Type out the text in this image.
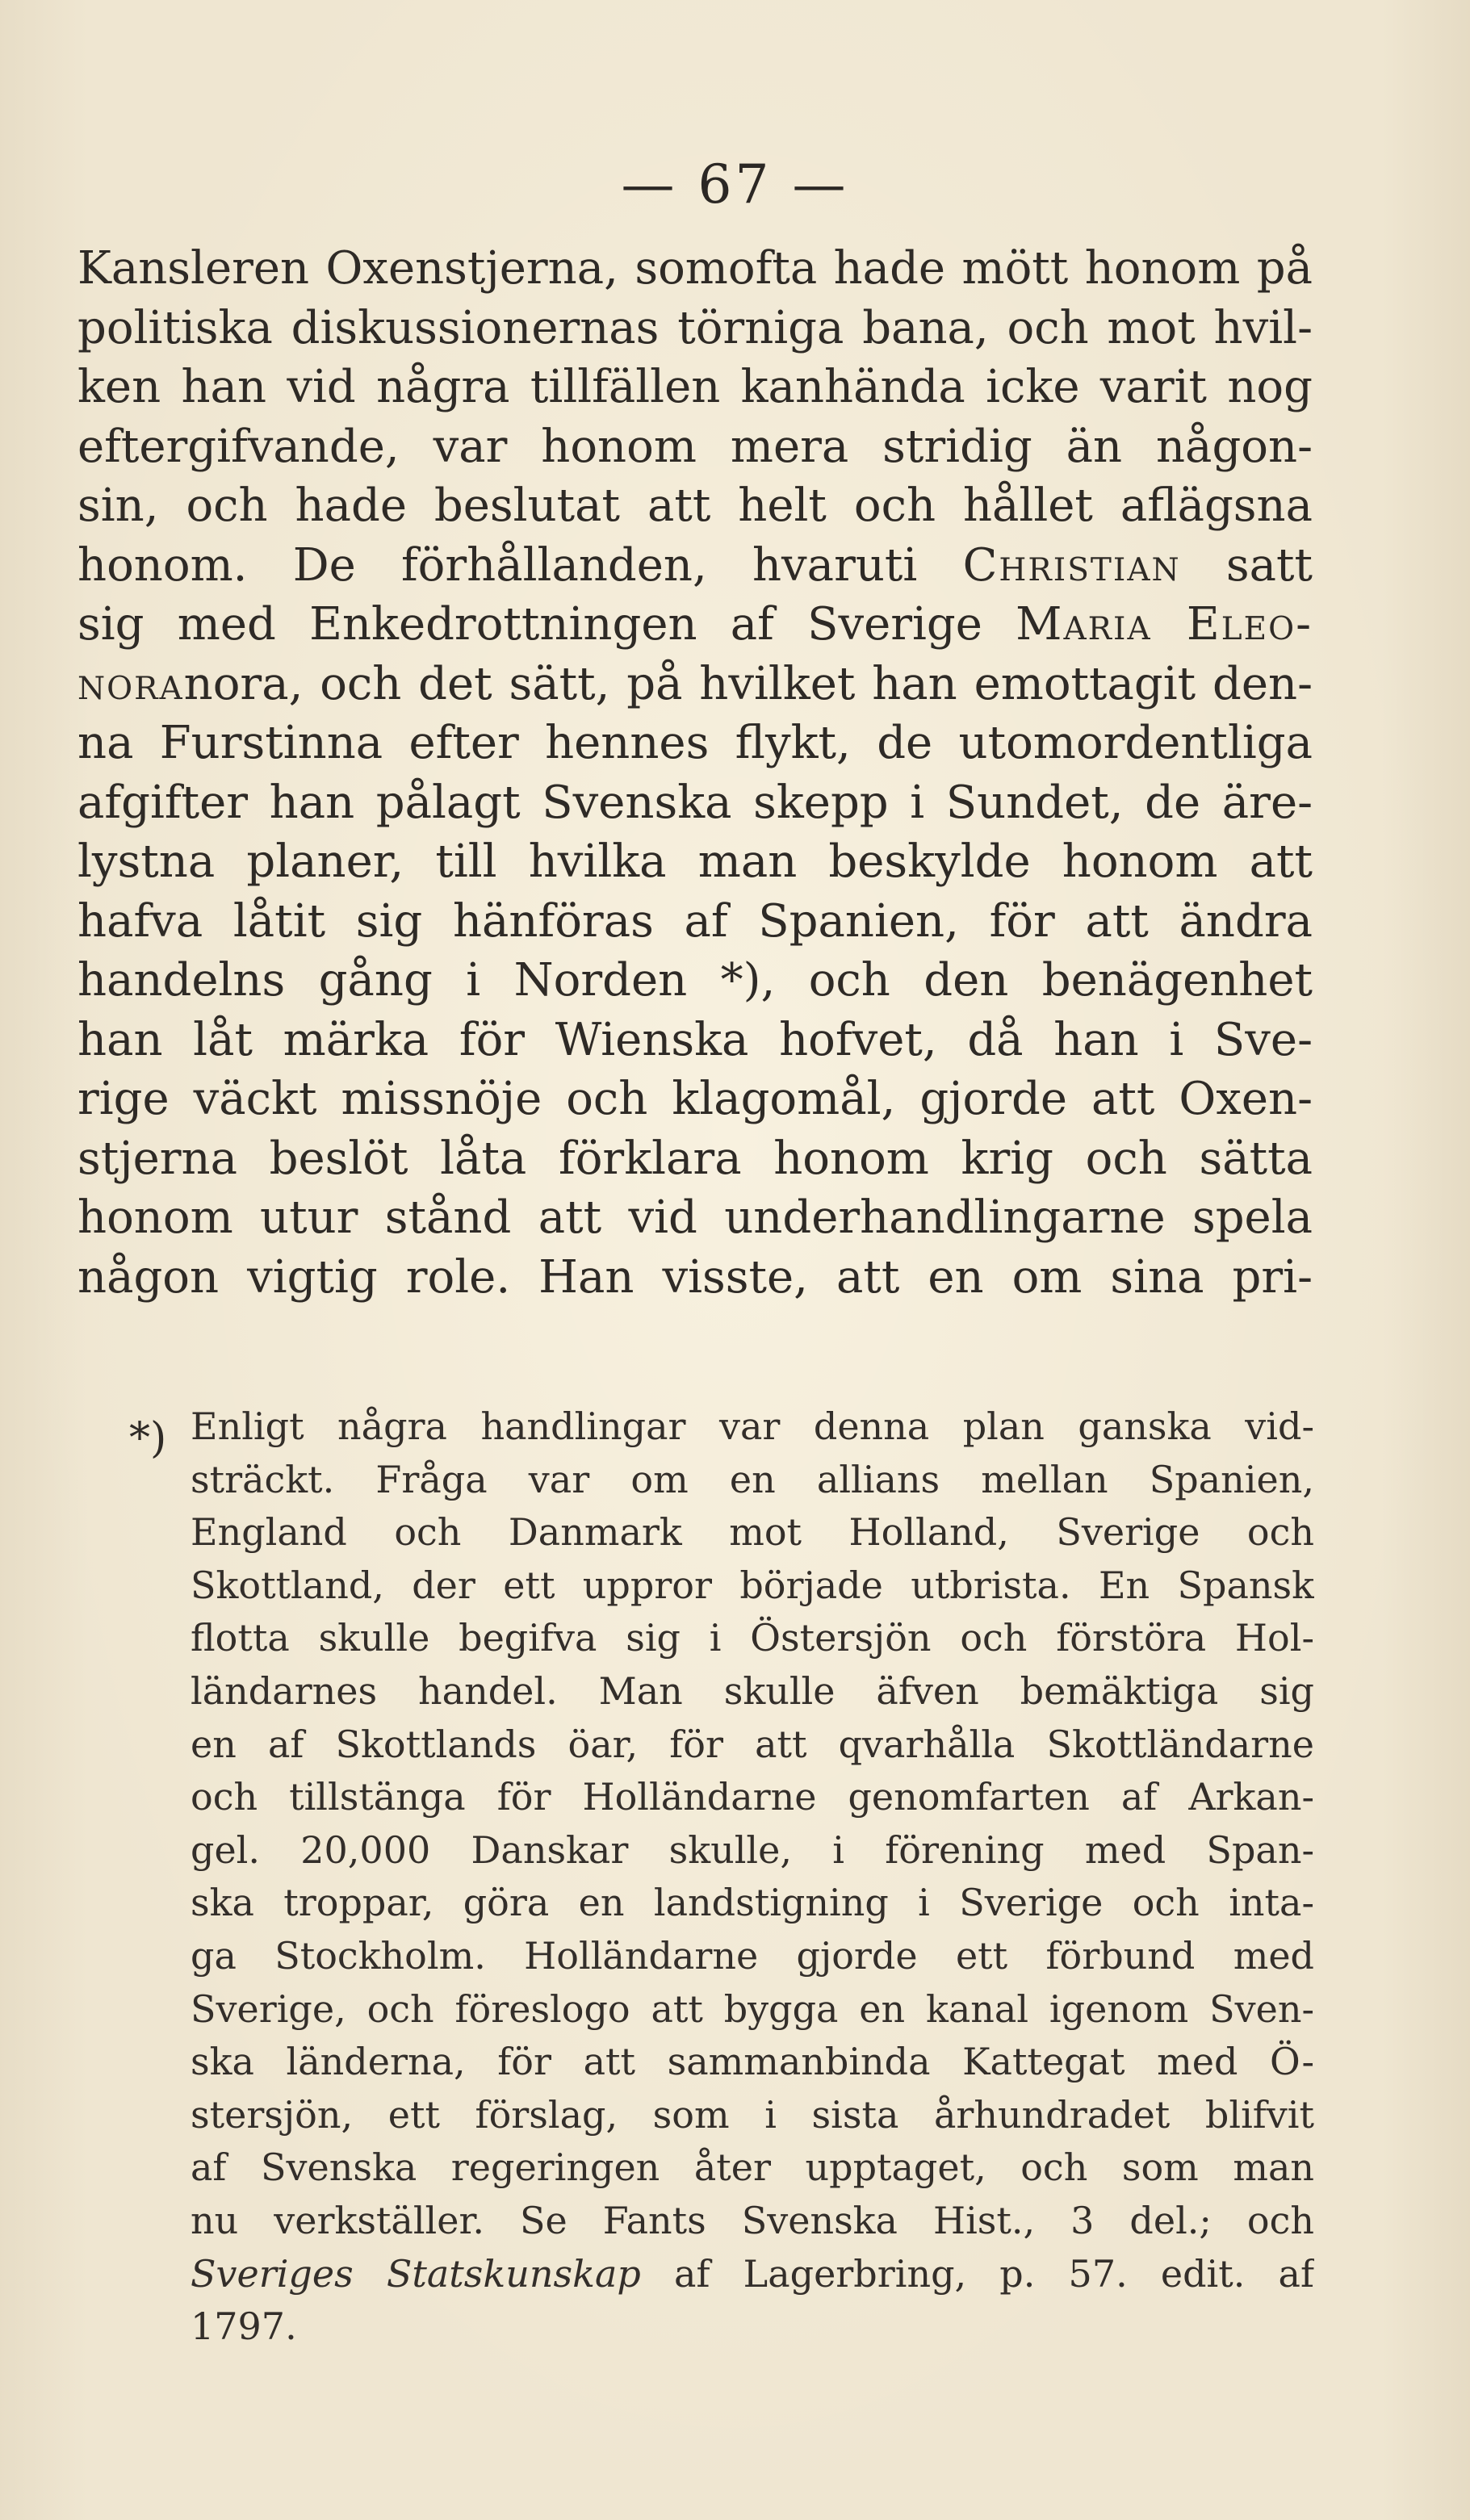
— 67 —
Kansleren Oxenstjerna, somofta hade mött honom på
politiska diskussionernas törniga bana, och mot hvil-
ken han vid några tillfällen kanhända icke varit nog
eftergifvande, var honom mera stridig än någon-
sin, och hade beslutat att helt och hållet aflägsna
honom. De förhållanden, hvaruti Christian satt
sig med Enkedrottningen af Sverige Maria Eleo-
noranora, och det sätt, på hvilket han emottagit den-
na Furstinna efter hennes flykt, de utomordentliga
afgifter han pålagt Svenska skepp i Sundet, de äre-
lystna planer, till hvilka man beskylde honom att
hafva låtit sig hänföras af Spanien, för att ändra
handelns gång i Norden *), och den benägenhet
han låt märka för Wienska hofvet, då han i Sve-
rige väckt missnöje och klagomål, gjorde att Oxen-
stjerna beslöt låta förklara honom krig och sätta
honom utur stånd att vid underhandlingarne spela
någon vigtig role. Han visste, att en om sina pri-
*) Enligt några handlingar var denna plan ganska vid-
sträckt. Fråga var om en allians mellan Spanien,
England och Danmark mot Holland, Sverige och
Skottland, der ett uppror började utbrista. En Spansk
flotta skulle begifva sig i Östersjön och förstöra Hol-
ländarnes handel. Man skulle äfven bemäktiga sig
en af Skottlands öar, för att qvarhålla Skottländarne
och tillstänga för Holländarne genomfarten af Arkan-
gel. 20,000 Danskar skulle, i förening med Span-
ska troppar, göra en landstigning i Sverige och inta-
ga Stockholm. Holländarne gjorde ett förbund med
Sverige, och föreslogo att bygga en kanal igenom Sven-
ska länderna, för att sammanbinda Kattegat med Ö-
stersjön, ett förslag, som i sista århundradet blifvit
af Svenska regeringen åter upptaget, och som man
nu verkställer. Se Fants Svenska Hist., 3 del.; och
Sveriges Statskunskap af Lagerbring, p. 57. edit. af
1797.
